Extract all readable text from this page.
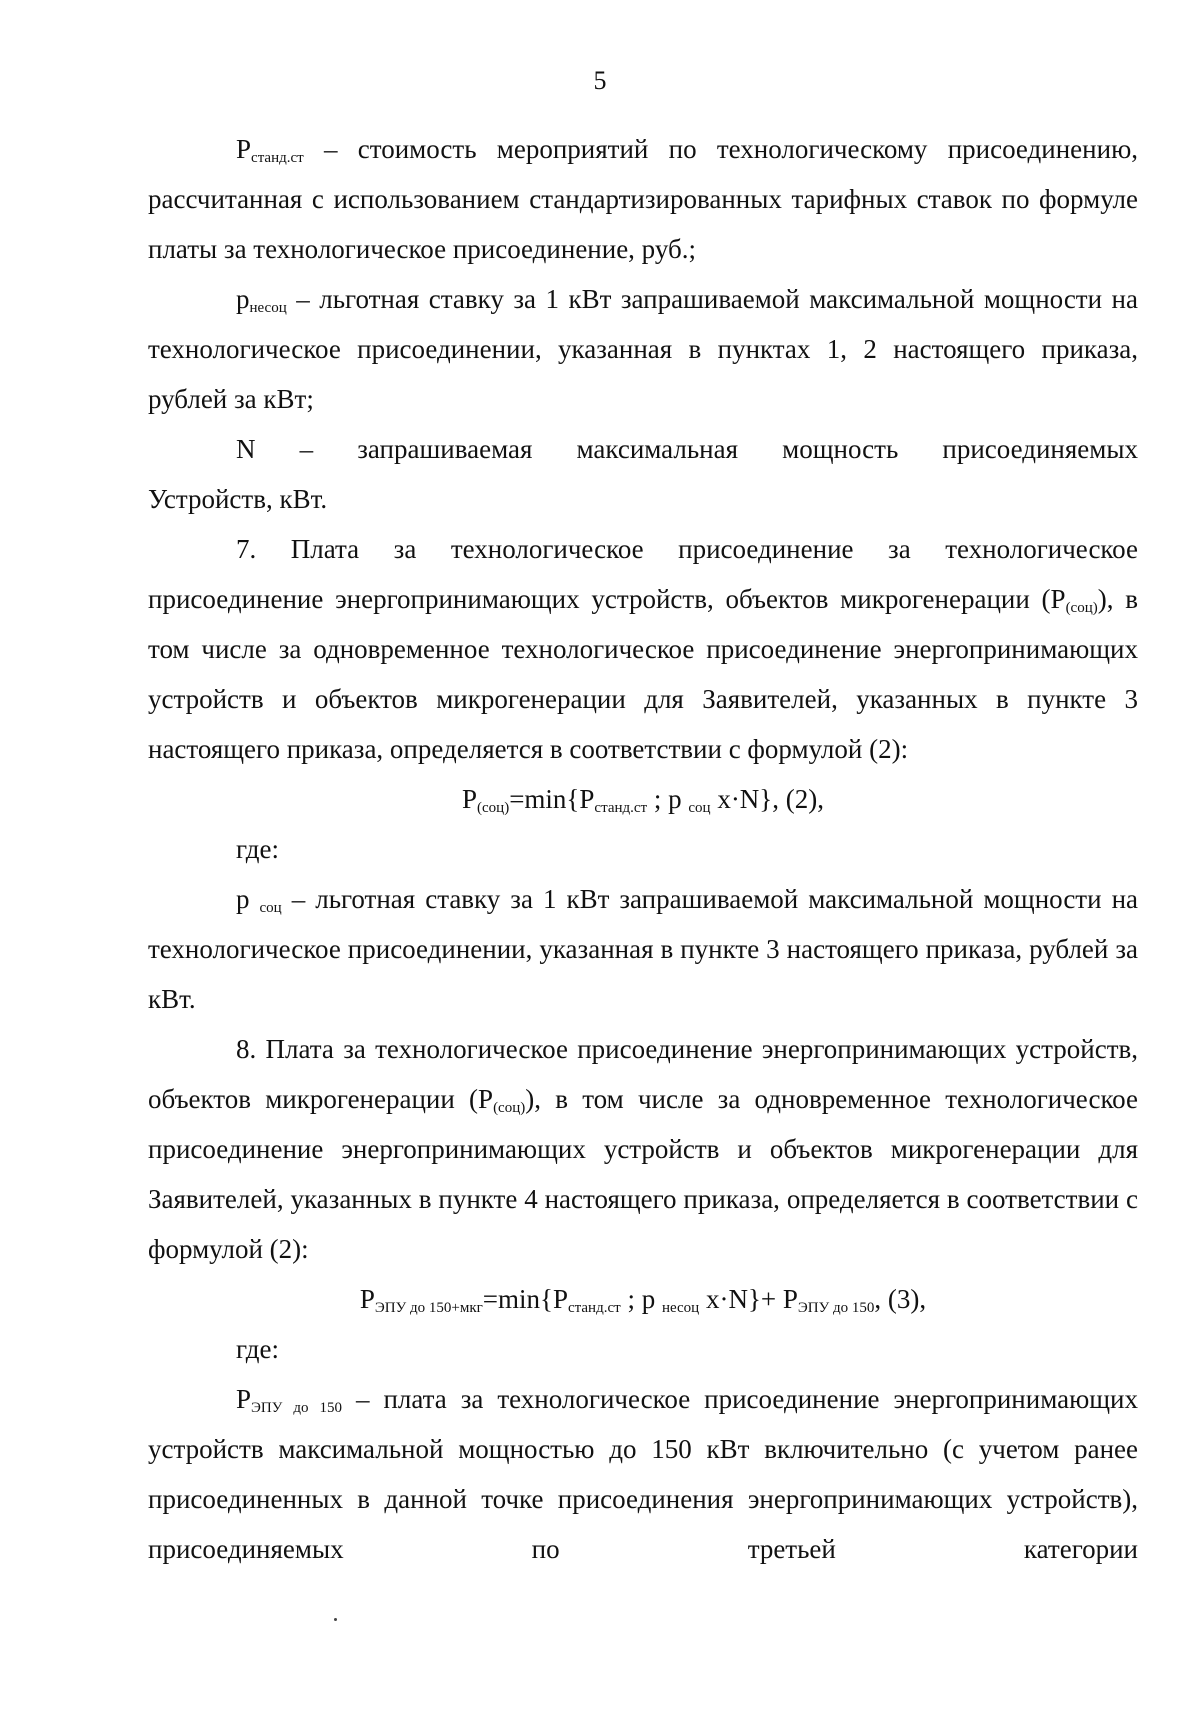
5

$P_{станд.ст}$ – стоимость мероприятий по технологическому присоединению, рассчитанная с использованием стандартизированных тарифных ставок по формуле платы за технологическое присоединение, руб.;

$p_{несоц}$ – льготная ставку за 1 кВт запрашиваемой максимальной мощности на технологическое присоединении, указанная в пунктах 1, 2 настоящего приказа, рублей за кВт;

N – запрашиваемая максимальная мощность присоединяемых

Устройств, кВт.

7. Плата за технологическое присоединение за технологическое присоединение энергопринимающих устройств, объектов микрогенерации $(P_{(соц)})$, в том числе за одновременное технологическое присоединение энергопринимающих устройств и объектов микрогенерации для Заявителей, указанных в пункте 3 настоящего приказа, определяется в соответствии с формулой (2):

$P_{(соц)}=\min\{P_{станд.ст}$ ; p $_{соц}$ x·N}, (2),

где:

p $_{соц}$ – льготная ставку за 1 кВт запрашиваемой максимальной мощности на технологическое присоединении, указанная в пункте 3 настоящего приказа, рублей за кВт.

8. Плата за технологическое присоединение энергопринимающих устройств, объектов микрогенерации $(P_{(соц)})$, в том числе за одновременное технологическое присоединение энергопринимающих устройств и объектов микрогенерации для Заявителей, указанных в пункте 4 настоящего приказа, определяется в соответствии с формулой (2):

$P_{ЭПУ до 150+мкг}=\min\{P_{станд.ст}$ ; p $_{несоц}$ $x\cdot N\}+ P_{ЭПУ до 150}$, (3),

где:

$P_{ЭПУ до 150}$ – плата за технологическое присоединение энергопринимающих устройств максимальной мощностью до 150 кВт включительно (с учетом ранее присоединенных в данной точке присоединения энергопринимающих устройств), присоединяемых по третьей категории
